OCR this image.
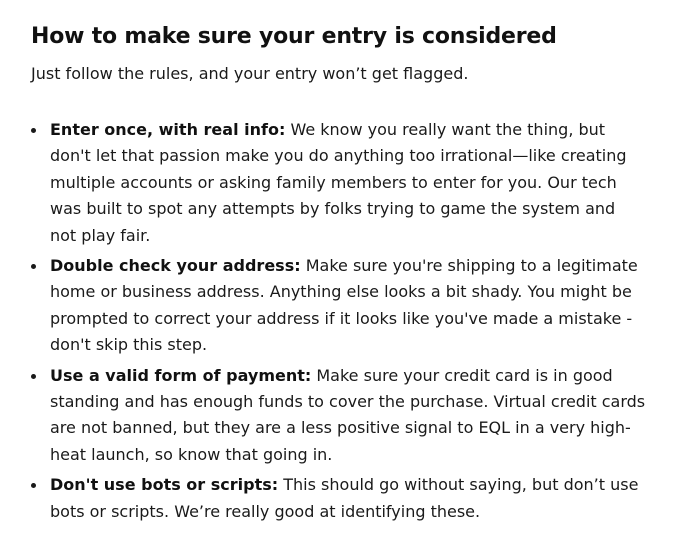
How to make sure your entry is considered

Just follow the rules, and your entry won’t get flagged.

Enter once, with real info: We know you really want the thing, but don't let that passion make you do anything too irrational—like creating multiple accounts or asking family members to enter for you. Our tech was built to spot any attempts by folks trying to game the system and not play fair.
Double check your address: Make sure you're shipping to a legitimate home or business address. Anything else looks a bit shady. You might be prompted to correct your address if it looks like you've made a mistake - don't skip this step.
Use a valid form of payment: Make sure your credit card is in good standing and has enough funds to cover the purchase. Virtual credit cards are not banned, but they are a less positive signal to EQL in a very high-heat launch, so know that going in.
Don't use bots or scripts: This should go without saying, but don’t use bots or scripts. We’re really good at identifying these.
